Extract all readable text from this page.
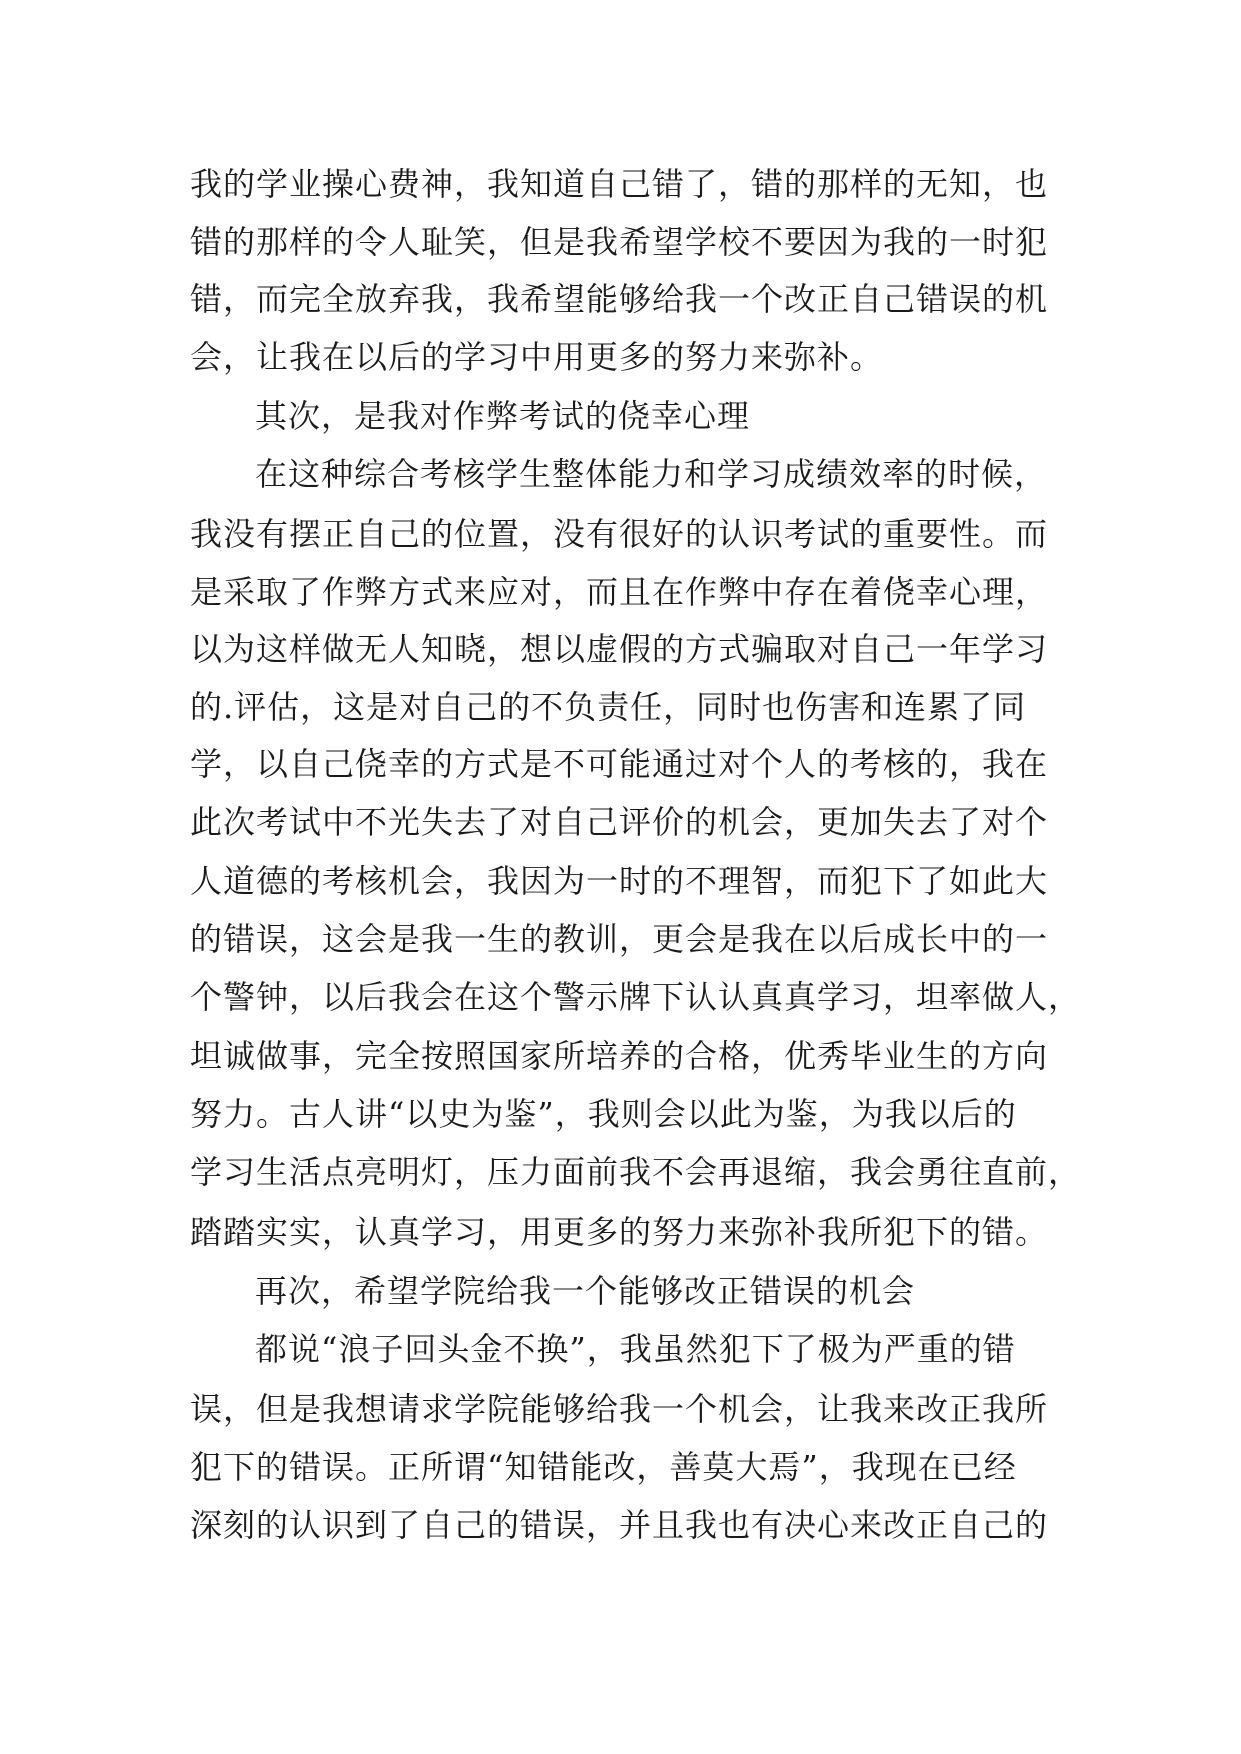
我的学业操心费神，我知道自己错了，错的那样的无知，也
错的那样的令人耻笑，但是我希望学校不要因为我的一时犯
错，而完全放弃我，我希望能够给我一个改正自己错误的机
会，让我在以后的学习中用更多的努力来弥补。
其次，是我对作弊考试的侥幸心理
在这种综合考核学生整体能力和学习成绩效率的时候，
我没有摆正自己的位置，没有很好的认识考试的重要性。而
是采取了作弊方式来应对，而且在作弊中存在着侥幸心理，
以为这样做无人知晓，想以虚假的方式骗取对自己一年学习
的.评估，这是对自己的不负责任，同时也伤害和连累了同
学，以自己侥幸的方式是不可能通过对个人的考核的，我在
此次考试中不光失去了对自己评价的机会，更加失去了对个
人道德的考核机会，我因为一时的不理智，而犯下了如此大
的错误，这会是我一生的教训，更会是我在以后成长中的一
个警钟，以后我会在这个警示牌下认认真真学习，坦率做人，
坦诚做事，完全按照国家所培养的合格，优秀毕业生的方向
努力。古人讲“以史为鉴”，我则会以此为鉴，为我以后的
学习生活点亮明灯，压力面前我不会再退缩，我会勇往直前，
踏踏实实，认真学习，用更多的努力来弥补我所犯下的错。
再次，希望学院给我一个能够改正错误的机会
都说“浪子回头金不换”，我虽然犯下了极为严重的错
误，但是我想请求学院能够给我一个机会，让我来改正我所
犯下的错误。正所谓“知错能改，善莫大焉”，我现在已经
深刻的认识到了自己的错误，并且我也有决心来改正自己的
